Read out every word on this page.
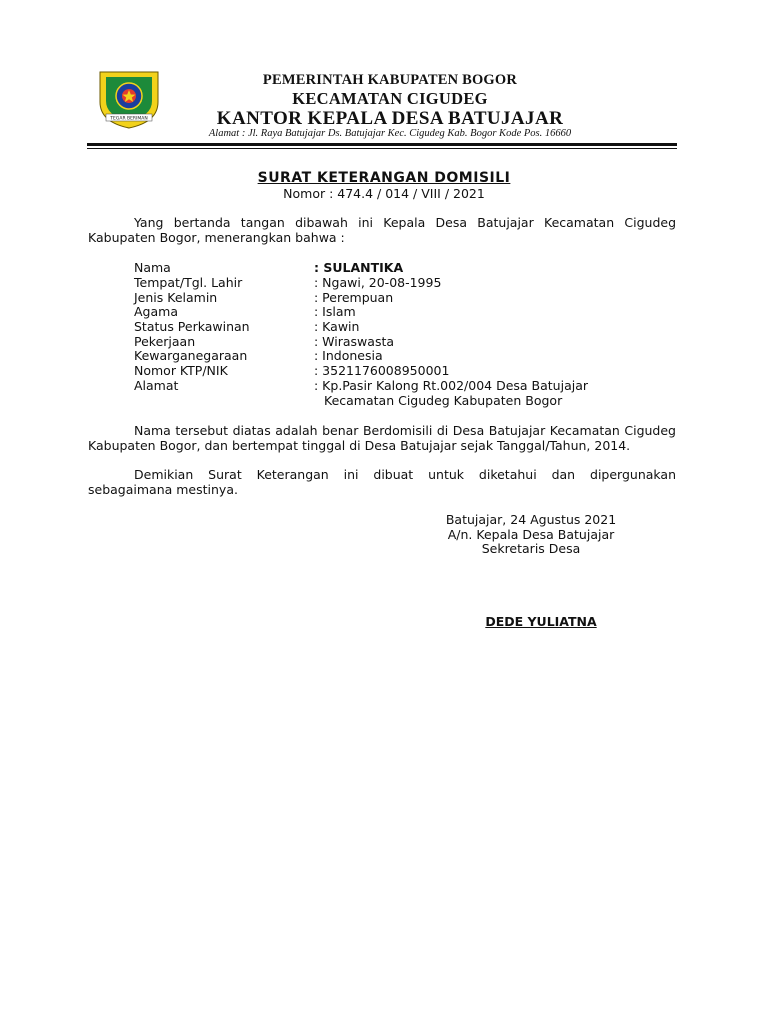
TEGAR BERIMAN
PEMERINTAH KABUPATEN BOGOR
KECAMATAN CIGUDEG
KANTOR KEPALA DESA BATUJAJAR
Alamat : Jl. Raya Batujajar Ds. Batujajar Kec. Cigudeg Kab. Bogor Kode Pos. 16660
SURAT KETERANGAN DOMISILI
Nomor : 474.4 / 014 / VIII / 2021
Yang bertanda tangan dibawah ini Kepala Desa Batujajar Kecamatan Cigudeg Kabupaten Bogor, menerangkan bahwa :
Nama	: SULANTIKA
Tempat/Tgl. Lahir	: Ngawi, 20-08-1995
Jenis Kelamin	: Perempuan
Agama	: Islam
Status Perkawinan	: Kawin
Pekerjaan	: Wiraswasta
Kewarganegaraan	: Indonesia
Nomor KTP/NIK	: 3521176008950001
Alamat	: Kp.Pasir Kalong Rt.002/004 Desa Batujajar
Kecamatan Cigudeg Kabupaten Bogor
Nama tersebut diatas adalah benar Berdomisili di Desa Batujajar Kecamatan Cigudeg Kabupaten Bogor, dan bertempat tinggal di Desa Batujajar sejak Tanggal/Tahun, 2014.
Demikian Surat Keterangan ini dibuat untuk diketahui dan dipergunakan sebagaimana mestinya.
Batujajar, 24 Agustus 2021
A/n. Kepala Desa Batujajar
Sekretaris Desa
DEDE YULIATNA
